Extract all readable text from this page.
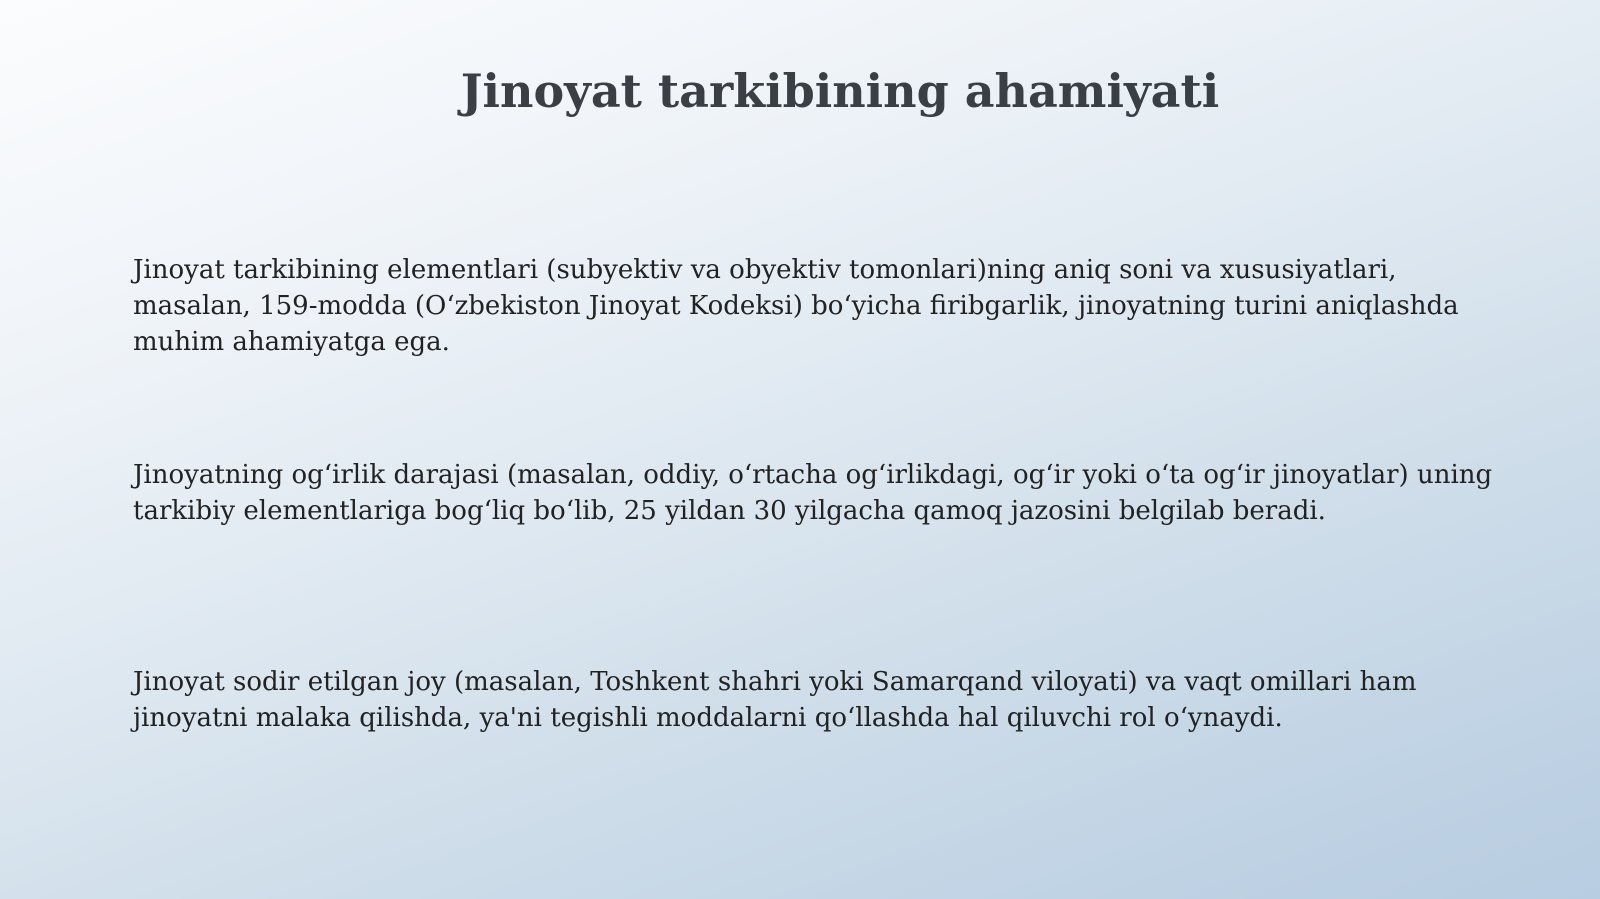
Jinoyat tarkibining ahamiyati

Jinoyat tarkibining elementlari (subyektiv va obyektiv tomonlari)ning aniq soni va xususiyatlari, masalan, 159-modda (O‘zbekiston Jinoyat Kodeksi) bo‘yicha firibgarlik, jinoyatning turini aniqlashda muhim ahamiyatga ega.

Jinoyatning og‘irlik darajasi (masalan, oddiy, o‘rtacha og‘irlikdagi, og‘ir yoki o‘ta og‘ir jinoyatlar) uning tarkibiy elementlariga bog‘liq bo‘lib, 25 yildan 30 yilgacha qamoq jazosini belgilab beradi.

Jinoyat sodir etilgan joy (masalan, Toshkent shahri yoki Samarqand viloyati) va vaqt omillari ham jinoyatni malaka qilishda, ya'ni tegishli moddalarni qo‘llashda hal qiluvchi rol o‘ynaydi.
